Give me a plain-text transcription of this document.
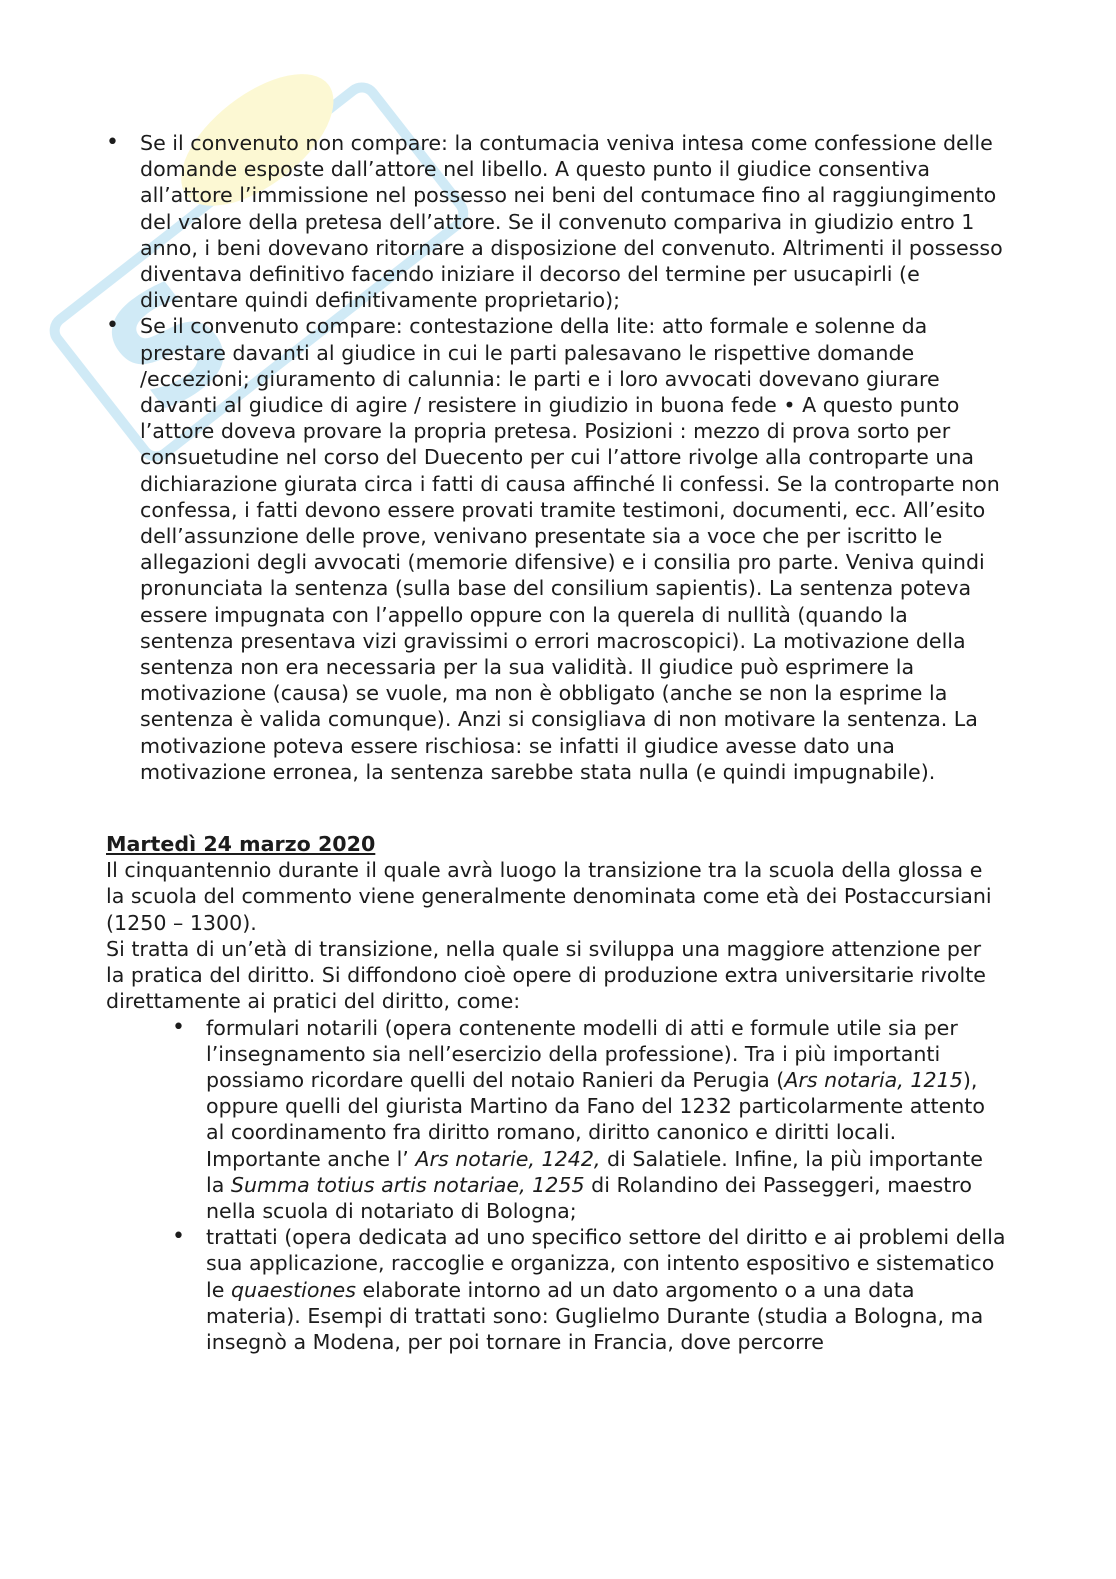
S
• Se il convenuto non compare: la contumacia veniva intesa come confessione delle domande esposte dall’attore nel libello. A questo punto il giudice consentiva all’attore l’immissione nel possesso nei beni del contumace fino al raggiungimento del valore della pretesa dell’attore. Se il convenuto compariva in giudizio entro 1 anno, i beni dovevano ritornare a disposizione del convenuto. Altrimenti il possesso diventava definitivo facendo iniziare il decorso del termine per usucapirli (e diventare quindi definitivamente proprietario);
• Se il convenuto compare: contestazione della lite: atto formale e solenne da prestare davanti al giudice in cui le parti palesavano le rispettive domande /eccezioni; giuramento di calunnia: le parti e i loro avvocati dovevano giurare davanti al giudice di agire / resistere in giudizio in buona fede • A questo punto l’attore doveva provare la propria pretesa. Posizioni : mezzo di prova sorto per consuetudine nel corso del Duecento per cui l’attore rivolge alla controparte una dichiarazione giurata circa i fatti di causa affinché li confessi. Se la controparte non confessa, i fatti devono essere provati tramite testimoni, documenti, ecc. All’esito dell’assunzione delle prove, venivano presentate sia a voce che per iscritto le allegazioni degli avvocati (memorie difensive) e i consilia pro parte. Veniva quindi pronunciata la sentenza (sulla base del consilium sapientis). La sentenza poteva essere impugnata con l’appello oppure con la querela di nullità (quando la sentenza presentava vizi gravissimi o errori macroscopici). La motivazione della sentenza non era necessaria per la sua validità. Il giudice può esprimere la motivazione (causa) se vuole, ma non è obbligato (anche se non la esprime la sentenza è valida comunque). Anzi si consigliava di non motivare la sentenza. La motivazione poteva essere rischiosa: se infatti il giudice avesse dato una motivazione erronea, la sentenza sarebbe stata nulla (e quindi impugnabile).
Martedì 24 marzo 2020

Il cinquantennio durante il quale avrà luogo la transizione tra la scuola della glossa e la scuola del commento viene generalmente denominata come età dei Postaccursiani (1250 – 1300).

Si tratta di un’età di transizione, nella quale si sviluppa una maggiore attenzione per la pratica del diritto. Si diffondono cioè opere di produzione extra universitarie rivolte direttamente ai pratici del diritto, come:

• formulari notarili (opera contenente modelli di atti e formule utile sia per l’insegnamento sia nell’esercizio della professione). Tra i più importanti possiamo ricordare quelli del notaio Ranieri da Perugia (Ars notaria, 1215), oppure quelli del giurista Martino da Fano del 1232 particolarmente attento al coordinamento fra diritto romano, diritto canonico e diritti locali. Importante anche l’ Ars notarie, 1242, di Salatiele. Infine, la più importante la Summa totius artis notariae, 1255 di Rolandino dei Passeggeri, maestro nella scuola di notariato di Bologna;
• trattati (opera dedicata ad uno specifico settore del diritto e ai problemi della sua applicazione, raccoglie e organizza, con intento espositivo e sistematico le quaestiones elaborate intorno ad un dato argomento o a una data materia). Esempi di trattati sono: Guglielmo Durante (studia a Bologna, ma insegnò a Modena, per poi tornare in Francia, dove percorre
